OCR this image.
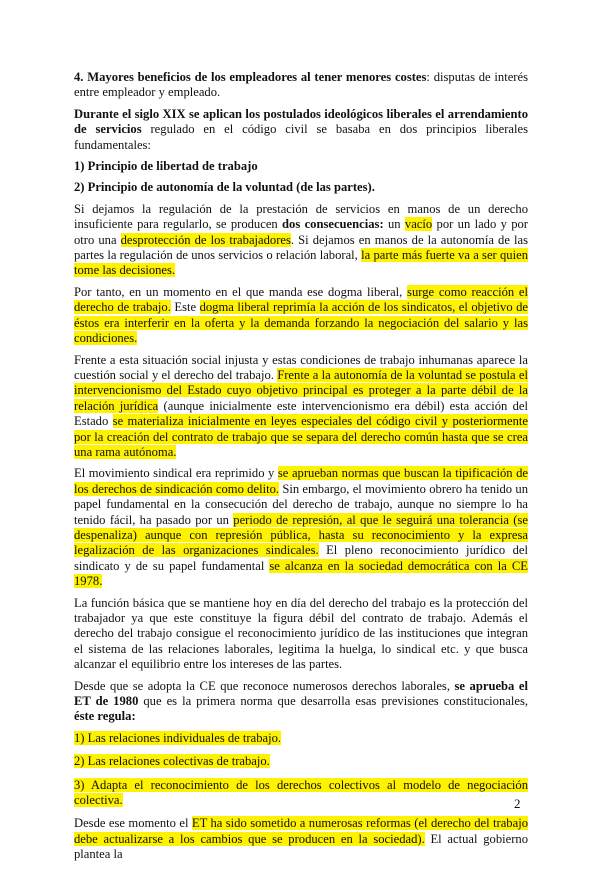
4. Mayores beneficios de los empleadores al tener menores costes: disputas de interés entre empleador y empleado.

Durante el siglo XIX se aplican los postulados ideológicos liberales el arrendamiento de servicios regulado en el código civil se basaba en dos principios liberales fundamentales:

1) Principio de libertad de trabajo

2) Principio de autonomía de la voluntad (de las partes).

Si dejamos la regulación de la prestación de servicios en manos de un derecho insuficiente para regularlo, se producen dos consecuencias: un vacío por un lado y por otro una desprotección de los trabajadores. Si dejamos en manos de la autonomía de las partes la regulación de unos servicios o relación laboral, la parte más fuerte va a ser quien tome las decisiones.

Por tanto, en un momento en el que manda ese dogma liberal, surge como reacción el derecho de trabajo. Este dogma liberal reprimía la acción de los sindicatos, el objetivo de éstos era interferir en la oferta y la demanda forzando la negociación del salario y las condiciones.

Frente a esta situación social injusta y estas condiciones de trabajo inhumanas aparece la cuestión social y el derecho del trabajo. Frente a la autonomía de la voluntad se postula el intervencionismo del Estado cuyo objetivo principal es proteger a la parte débil de la relación jurídica (aunque inicialmente este intervencionismo era débil) esta acción del Estado se materializa inicialmente en leyes especiales del código civil y posteriormente por la creación del contrato de trabajo que se separa del derecho común hasta que se crea una rama autónoma.

El movimiento sindical era reprimido y se aprueban normas que buscan la tipificación de los derechos de sindicación como delito. Sin embargo, el movimiento obrero ha tenido un papel fundamental en la consecución del derecho de trabajo, aunque no siempre lo ha tenido fácil, ha pasado por un periodo de represión, al que le seguirá una tolerancia (se despenaliza) aunque con represión pública, hasta su reconocimiento y la expresa legalización de las organizaciones sindicales. El pleno reconocimiento jurídico del sindicato y de su papel fundamental se alcanza en la sociedad democrática con la CE 1978.

La función básica que se mantiene hoy en día del derecho del trabajo es la protección del trabajador ya que este constituye la figura débil del contrato de trabajo. Además el derecho del trabajo consigue el reconocimiento jurídico de las instituciones que integran el sistema de las relaciones laborales, legitima la huelga, lo sindical etc. y que busca alcanzar el equilibrio entre los intereses de las partes.

Desde que se adopta la CE que reconoce numerosos derechos laborales, se aprueba el ET de 1980 que es la primera norma que desarrolla esas previsiones constitucionales, éste regula:

1) Las relaciones individuales de trabajo.

2) Las relaciones colectivas de trabajo.

3) Adapta el reconocimiento de los derechos colectivos al modelo de negociación colectiva.

Desde ese momento el ET ha sido sometido a numerosas reformas (el derecho del trabajo debe actualizarse a los cambios que se producen en la sociedad). El actual gobierno plantea la

2
